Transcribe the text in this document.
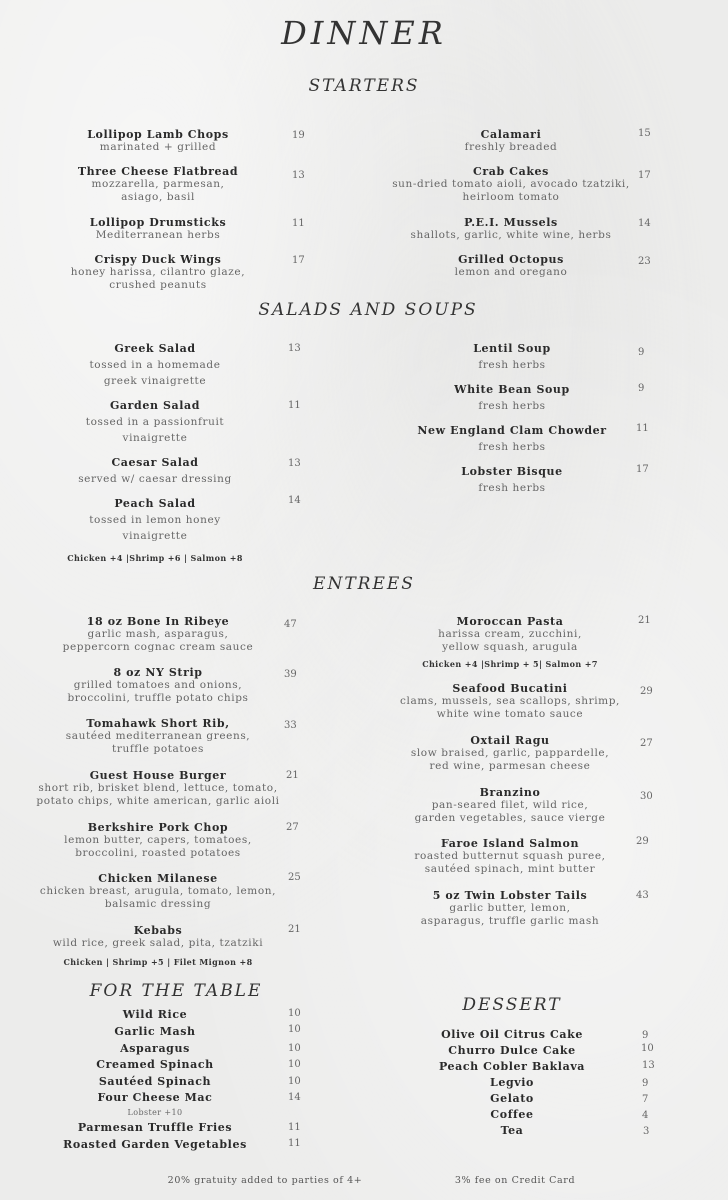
DINNER
STARTERS
Lollipop Lamb Chops
marinated + grilled
19
Three Cheese Flatbread
mozzarella, parmesan,
asiago, basil
13
Lollipop Drumsticks
Mediterranean herbs
11
Crispy Duck Wings
honey harissa, cilantro glaze,
crushed peanuts
17
Calamari
freshly breaded
15
Crab Cakes
sun-dried tomato aioli, avocado tzatziki,
heirloom tomato
17
P.E.I. Mussels
shallots, garlic, white wine, herbs
14
Grilled Octopus
lemon and oregano
23
SALADS AND SOUPS
Greek Salad
tossed in a homemade
greek vinaigrette
13
Garden Salad
tossed in a passionfruit
vinaigrette
11
Caesar Salad
served w/ caesar dressing
13
Peach Salad
tossed in lemon honey
vinaigrette
14
Chicken +4 |Shrimp +6 | Salmon +8
Lentil Soup
fresh herbs
9
White Bean Soup
fresh herbs
9
New England Clam Chowder
fresh herbs
11
Lobster Bisque
fresh herbs
17
ENTREES
18 oz Bone In Ribeye
garlic mash, asparagus,
peppercorn cognac cream sauce
47
8 oz NY Strip
grilled tomatoes and onions,
broccolini, truffle potato chips
39
Tomahawk Short Rib,
sautéed mediterranean greens,
truffle potatoes
33
Guest House Burger
short rib, brisket blend, lettuce, tomato,
potato chips, white american, garlic aioli
21
Berkshire Pork Chop
lemon butter, capers, tomatoes,
broccolini, roasted potatoes
27
Chicken Milanese
chicken breast, arugula, tomato, lemon,
balsamic dressing
25
Kebabs
wild rice, greek salad, pita, tzatziki
21
Chicken | Shrimp +5 | Filet Mignon +8
Moroccan Pasta
harissa cream, zucchini,
yellow squash, arugula
21
Chicken +4 |Shrimp + 5| Salmon +7
Seafood Bucatini
clams, mussels, sea scallops, shrimp,
white wine tomato sauce
29
Oxtail Ragu
slow braised, garlic, pappardelle,
red wine, parmesan cheese
27
Branzino
pan-seared filet, wild rice,
garden vegetables, sauce vierge
30
Faroe Island Salmon
roasted butternut squash puree,
sautéed spinach, mint butter
29
5 oz Twin Lobster Tails
garlic butter, lemon,
asparagus, truffle garlic mash
43
FOR THE TABLE
Wild Rice	10
Garlic Mash	10
Asparagus	10
Creamed Spinach	10
Sautéed Spinach	10
Four Cheese Mac	14
Lobster +10
Parmesan Truffle Fries	11
Roasted Garden Vegetables	11
DESSERT
Olive Oil Citrus Cake	9
Churro Dulce Cake	10
Peach Cobler Baklava	13
Legvio	9
Gelato	7
Coffee	4
Tea	3
20% gratuity added to parties of 4+	3% fee on Credit Card
